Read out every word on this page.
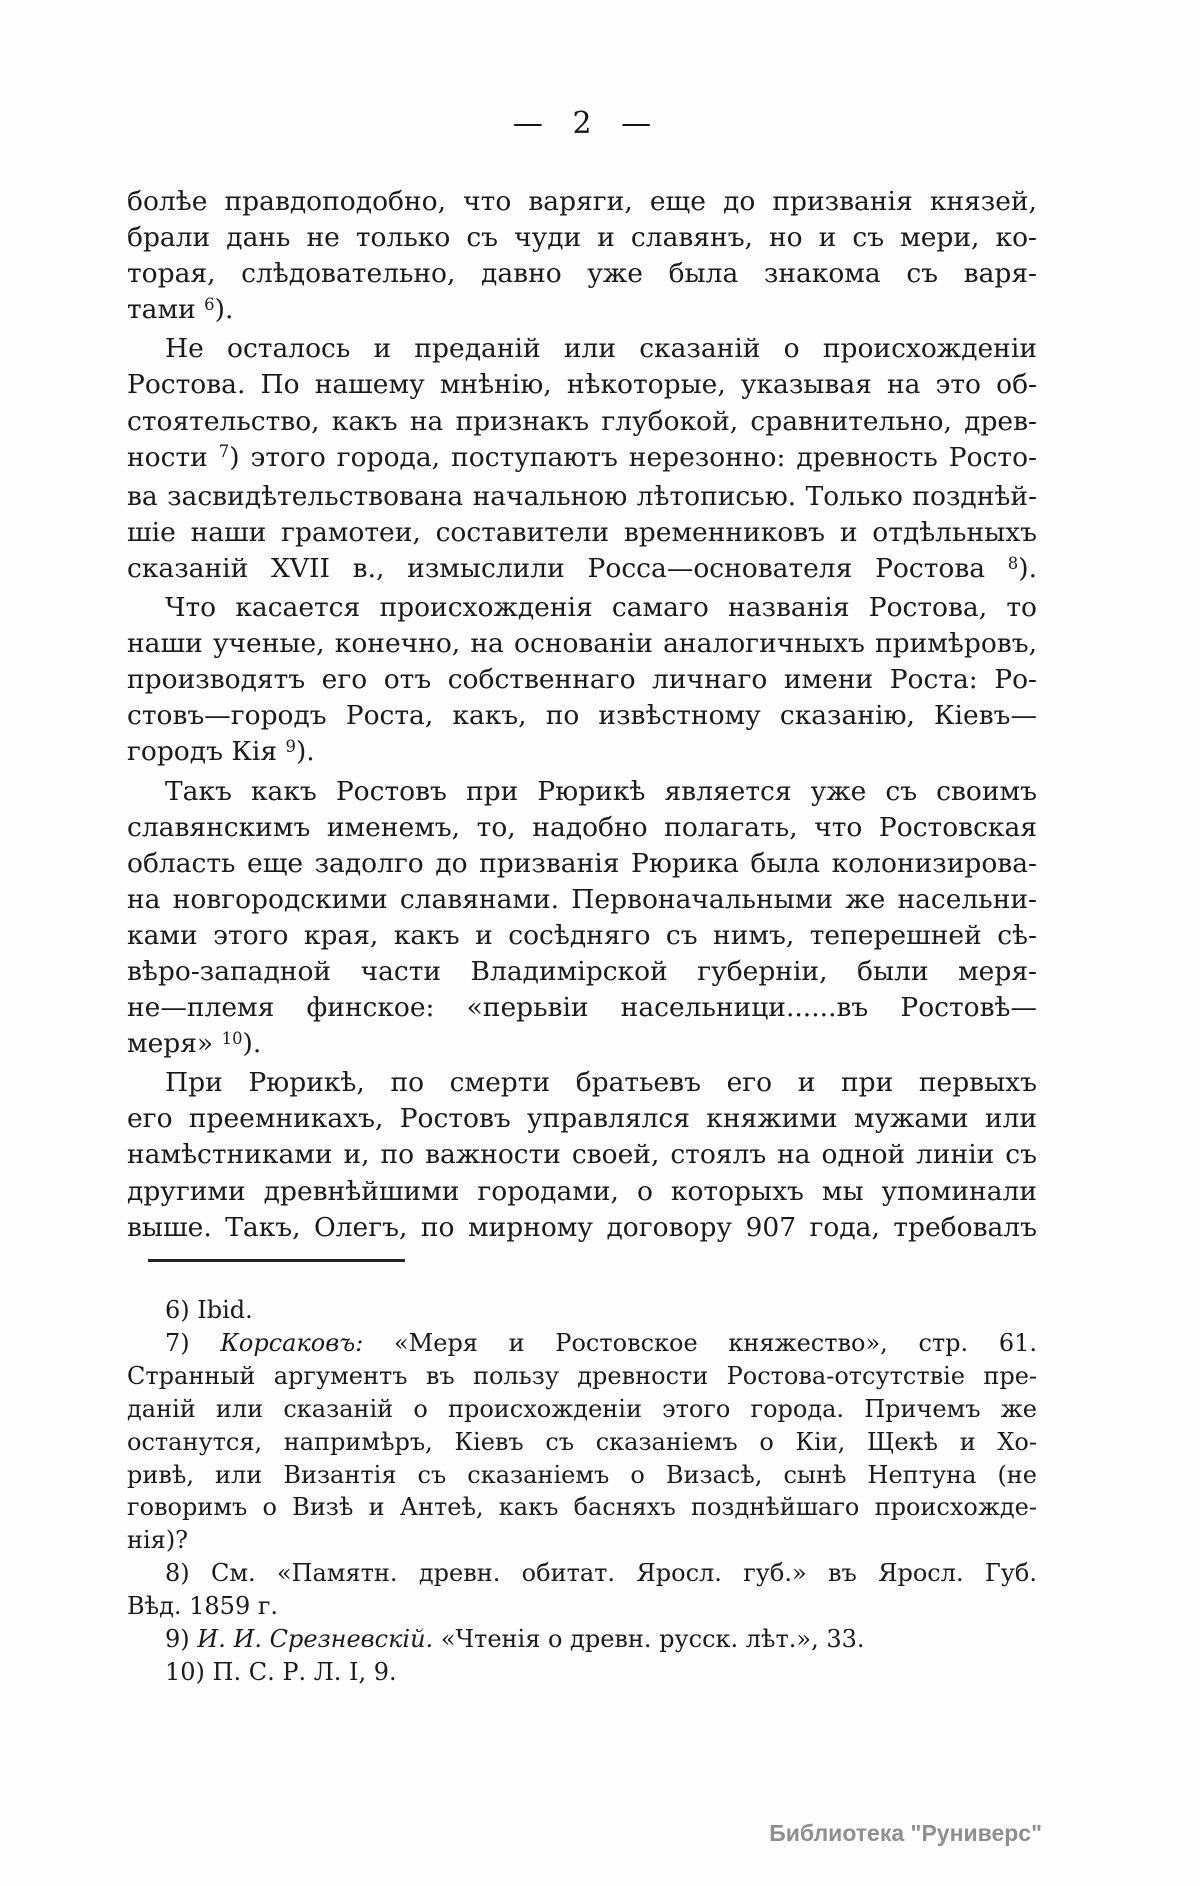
— 2 —
болѣе правдоподобно, что варяги, еще до призванія князей,
брали дань не только съ чуди и славянъ, но и съ мери, ко-
торая, слѣдовательно, давно уже была знакома съ варя-
тами $^6$).
Не осталось и преданій или сказаній о происхожденіи
Ростова. По нашему мнѣнію, нѣкоторые, указывая на это об-
стоятельство, какъ на признакъ глубокой, сравнительно, древ-
ности $^7$) этого города, поступаютъ нерезонно: древность Росто-
ва засвидѣтельствована начальною лѣтописью. Только позднѣй-
шіе наши грамотеи, составители временниковъ и отдѣльныхъ
сказаній XVII в., измыслили Росса—основателя Ростова $^8$).
Что касается происхожденія самаго названія Ростова, то
наши ученые, конечно, на основаніи аналогичныхъ примѣровъ,
производятъ его отъ собственнаго личнаго имени Роста: Ро-
стовъ—городъ Роста, какъ, по извѣстному сказанію, Кіевъ—
городъ Кія $^9$).
Такъ какъ Ростовъ при Рюрикѣ является уже съ своимъ
славянскимъ именемъ, то, надобно полагать, что Ростовская
область еще задолго до призванія Рюрика была колонизирова-
на новгородскими славянами. Первоначальными же насельни-
ками этого края, какъ и сосѣдняго съ нимъ, теперешней сѣ-
вѣро-западной части Владимірской губерніи, были меря-
не—племя финское: «перьвіи насельници......въ Ростовѣ—
меря» $^{10}$).
При Рюрикѣ, по смерти братьевъ его и при первыхъ
его преемникахъ, Ростовъ управлялся княжими мужами или
намѣстниками и, по важности своей, стоялъ на одной линіи съ
другими древнѣйшими городами, о которыхъ мы упоминали
выше. Такъ, Олегъ, по мирному договору 907 года, требовалъ
6) Ibid.
7) Корсаковъ: «Меря и Ростовское княжество», стр. 61.
Странный аргументъ въ пользу древности Ростова-отсутствіе пре-
даній или сказаній о происхожденіи этого города. Причемъ же
останутся, напримѣръ, Кіевъ съ сказаніемъ о Кіи, Щекѣ и Хо-
ривѣ, или Византія съ сказаніемъ о Визасѣ, сынѣ Нептуна (не
говоримъ о Визѣ и Антеѣ, какъ басняхъ позднѣйшаго происхожде-
нія)?
8) См. «Памятн. древн. обитат. Яросл. губ.» въ Яросл. Губ.
Вѣд. 1859 г.
9) И. И. Срезневскій. «Чтенія о древн. русск. лѣт.», 33.
10) П. С. Р. Л. I, 9.
Библиотека "Руниверс"
